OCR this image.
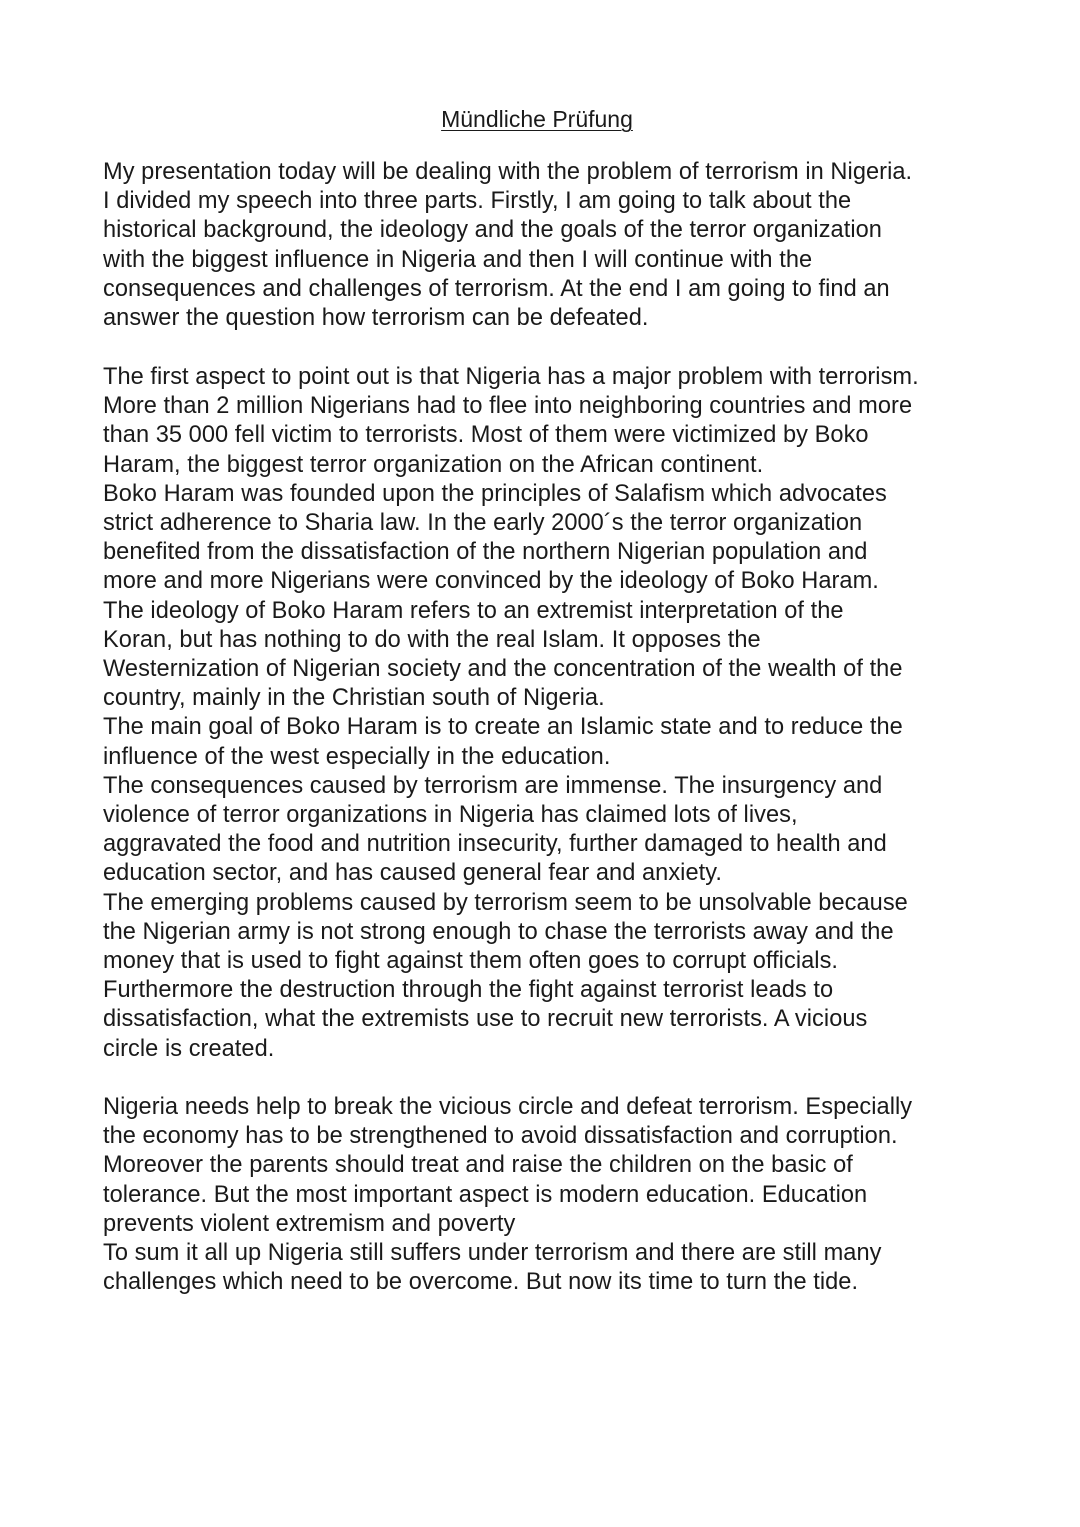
Mündliche Prüfung
My presentation today will be dealing with the problem of terrorism in Nigeria.
I divided my speech into three parts. Firstly, I am going to talk about the
historical background, the ideology and the goals of the terror organization
with the biggest influence in Nigeria and then I will continue with the
consequences and challenges of terrorism. At the end I am going to find an
answer the question how terrorism can be defeated.
The first aspect to point out is that Nigeria has a major problem with terrorism.
More than 2 million Nigerians had to flee into neighboring countries and more
than 35 000 fell victim to terrorists. Most of them were victimized by Boko
Haram, the biggest terror organization on the African continent.
Boko Haram was founded upon the principles of Salafism which advocates
strict adherence to Sharia law. In the early 2000´s the terror organization
benefited from the dissatisfaction of the northern Nigerian population and
more and more Nigerians were convinced by the ideology of Boko Haram.
The ideology of Boko Haram refers to an extremist interpretation of the
Koran, but has nothing to do with the real Islam. It opposes the
Westernization of Nigerian society and the concentration of the wealth of the
country, mainly in the Christian south of Nigeria.
The main goal of Boko Haram is to create an Islamic state and to reduce the
influence of the west especially in the education.
The consequences caused by terrorism are immense. The insurgency and
violence of terror organizations in Nigeria has claimed lots of lives,
aggravated the food and nutrition insecurity, further damaged to health and
education sector, and has caused general fear and anxiety.
The emerging problems caused by terrorism seem to be unsolvable because
the Nigerian army is not strong enough to chase the terrorists away and the
money that is used to fight against them often goes to corrupt officials.
Furthermore the destruction through the fight against terrorist leads to
dissatisfaction, what the extremists use to recruit new terrorists. A vicious
circle is created.
Nigeria needs help to break the vicious circle and defeat terrorism. Especially
the economy has to be strengthened to avoid dissatisfaction and corruption.
Moreover the parents should treat and raise the children on the basic of
tolerance. But the most important aspect is modern education. Education
prevents violent extremism and poverty
To sum it all up Nigeria still suffers under terrorism and there are still many
challenges which need to be overcome. But now its time to turn the tide.
